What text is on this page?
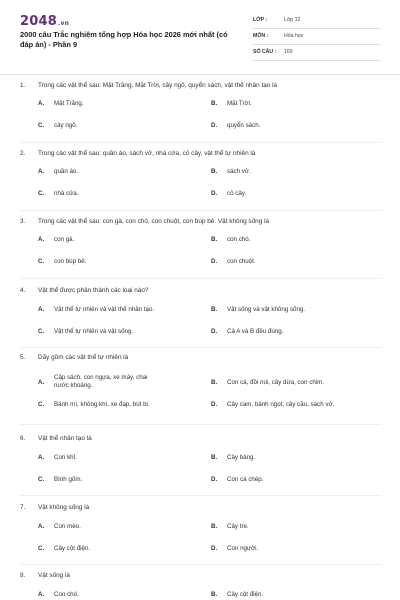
2048.vn
2000 câu Trắc nghiệm tổng hợp Hóa học 2026 mới nhất (có đáp án) - Phần 9
LỚP :	Lớp 12
MÔN :	Hóa học
SỐ CÂU : 169
1. Trong các vật thể sau: Mặt Trăng, Mặt Trời, cây ngô, quyển sách, vật thể nhân tạo là
A. Mặt Trăng.	B. Mặt Trời.
C. cây ngô.	D. quyển sách.
2. Trong các vật thể sau: quần áo, sách vở, nhà cửa, cỏ cây, vật thể tự nhiên là
A. quần áo.	B. sách vở.
C. nhà cửa.	D. cỏ cây.
3. Trong các vật thể sau: con gà, con chó, con chuột, con búp bê. Vật không sống là
A. con gà.	B. con chó.
C. con búp bê.	D. con chuột.
4. Vật thể được phân thành các loại nào?
A. Vật thể tự nhiên và vật thể nhân tạo.	B. Vật sống và vật không sống.
C. Vật thể tự nhiên và vật sống.	D. Cả A và B đều đúng.
5. Dãy gồm các vật thể tự nhiên là
A.
Cặp sách, con ngựa, xe máy, chai nước khoáng.	B. Con cá, đồi núi, cây dừa, con chim.
C. Bánh mì, không khí, xe đạp, bút bi.	D. Cây cam, bánh ngọt, cây cầu, sách vở.
6. Vật thể nhân tạo là
A. Con khỉ.	B. Cây bàng.
C. Bình gốm.	D. Con cá chép.
7. Vật không sống là
A. Con mèo.	B. Cây tre.
C. Cây cột điện.	D. Con người.
8. Vật sống là
A. Con chó.	B. Cây cột điện.
